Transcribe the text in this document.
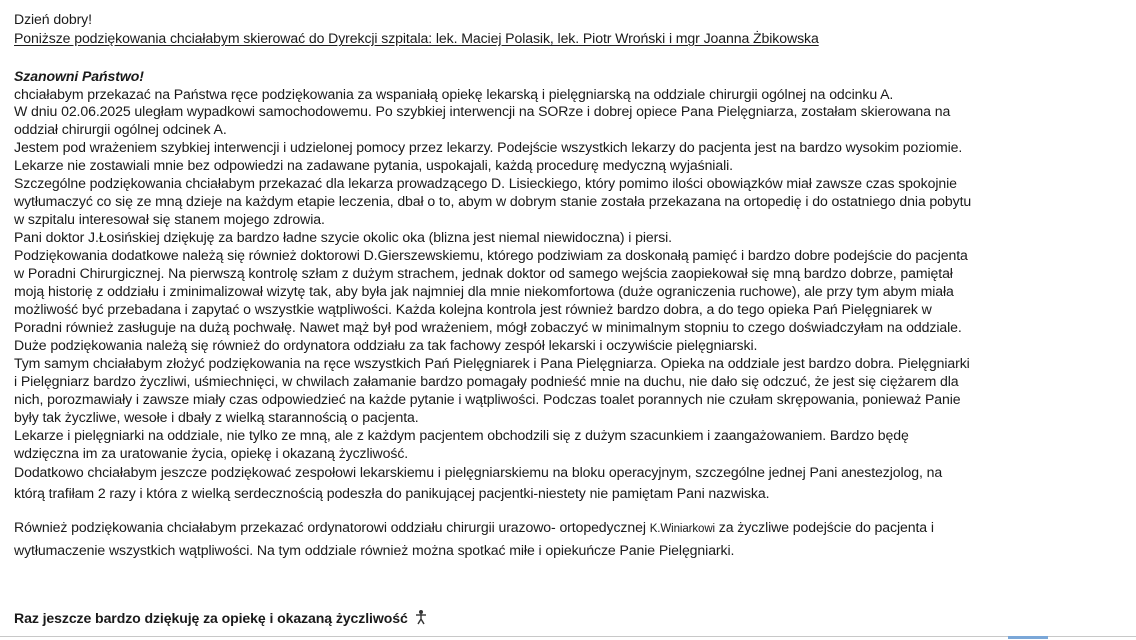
Dzień dobry!
Poniższe podziękowania chciałabym skierować do Dyrekcji szpitala: lek. Maciej Polasik, lek. Piotr Wroński i mgr Joanna Żbikowska
Szanowni Państwo!
chciałabym przekazać na Państwa ręce podziękowania za wspaniałą opiekę lekarską i pielęgniarską na oddziale chirurgii ogólnej na odcinku A.
W dniu 02.06.2025 uległam wypadkowi samochodowemu. Po szybkiej interwencji na SORze i dobrej opiece Pana Pielęgniarza, zostałam skierowana na
oddział chirurgii ogólnej odcinek A.
Jestem pod wrażeniem szybkiej interwencji i udzielonej pomocy przez lekarzy. Podejście wszystkich lekarzy do pacjenta jest na bardzo wysokim poziomie.
Lekarze nie zostawiali mnie bez odpowiedzi na zadawane pytania, uspokajali, każdą procedurę medyczną wyjaśniali.
Szczególne podziękowania chciałabym przekazać dla lekarza prowadzącego D. Lisieckiego, który pomimo ilości obowiązków miał zawsze czas spokojnie
wytłumaczyć co się ze mną dzieje na każdym etapie leczenia, dbał o to, abym w dobrym stanie została przekazana na ortopedię i do ostatniego dnia pobytu
w szpitalu interesował się stanem mojego zdrowia.
Pani doktor J.Łosińskiej dziękuję za bardzo ładne szycie okolic oka (blizna jest niemal niewidoczna) i piersi.
Podziękowania dodatkowe należą się również doktorowi D.Gierszewskiemu, którego podziwiam za doskonałą pamięć i bardzo dobre podejście do pacjenta
w Poradni Chirurgicznej. Na pierwszą kontrolę szłam z dużym strachem, jednak doktor od samego wejścia zaopiekował się mną bardzo dobrze, pamiętał
moją historię z oddziału i zminimalizował wizytę tak, aby była jak najmniej dla mnie niekomfortowa (duże ograniczenia ruchowe), ale przy tym abym miała
możliwość być przebadana i zapytać o wszystkie wątpliwości. Każda kolejna kontrola jest również bardzo dobra, a do tego opieka Pań Pielęgniarek w
Poradni również zasługuje na dużą pochwałę. Nawet mąż był pod wrażeniem, mógł zobaczyć w minimalnym stopniu to czego doświadczyłam na oddziale.
Duże podziękowania należą się również do ordynatora oddziału za tak fachowy zespół lekarski i oczywiście pielęgniarski.
Tym samym chciałabym złożyć podziękowania na ręce wszystkich Pań Pielęgniarek i Pana Pielęgniarza. Opieka na oddziale jest bardzo dobra. Pielęgniarki
i Pielęgniarz bardzo życzliwi, uśmiechnięci, w chwilach załamanie bardzo pomagały podnieść mnie na duchu, nie dało się odczuć, że jest się ciężarem dla
nich, porozmawiały i zawsze miały czas odpowiedzieć na każde pytanie i wątpliwości. Podczas toalet porannych nie czułam skrępowania, ponieważ Panie
były tak życzliwe, wesołe i dbały z wielką starannością o pacjenta.
Lekarze i pielęgniarki na oddziale, nie tylko ze mną, ale z każdym pacjentem obchodzili się z dużym szacunkiem i zaangażowaniem. Bardzo będę
wdzięczna im za uratowanie życia, opiekę i okazaną życzliwość.
Dodatkowo chciałabym jeszcze podziękować zespołowi lekarskiemu i pielęgniarskiemu na bloku operacyjnym, szczególne jednej Pani anestezjolog, na
którą trafiłam 2 razy i która z wielką serdecznością podeszła do panikującej pacjentki-niestety nie pamiętam Pani nazwiska.
Również podziękowania chciałabym przekazać ordynatorowi oddziału chirurgii urazowo- ortopedycznej K.Winiarkowi za życzliwe podejście do pacjenta i
wytłumaczenie wszystkich wątpliwości. Na tym oddziale również można spotkać miłe i opiekuńcze Panie Pielęgniarki.
Raz jeszcze bardzo dziękuję za opiekę i okazaną życzliwość
